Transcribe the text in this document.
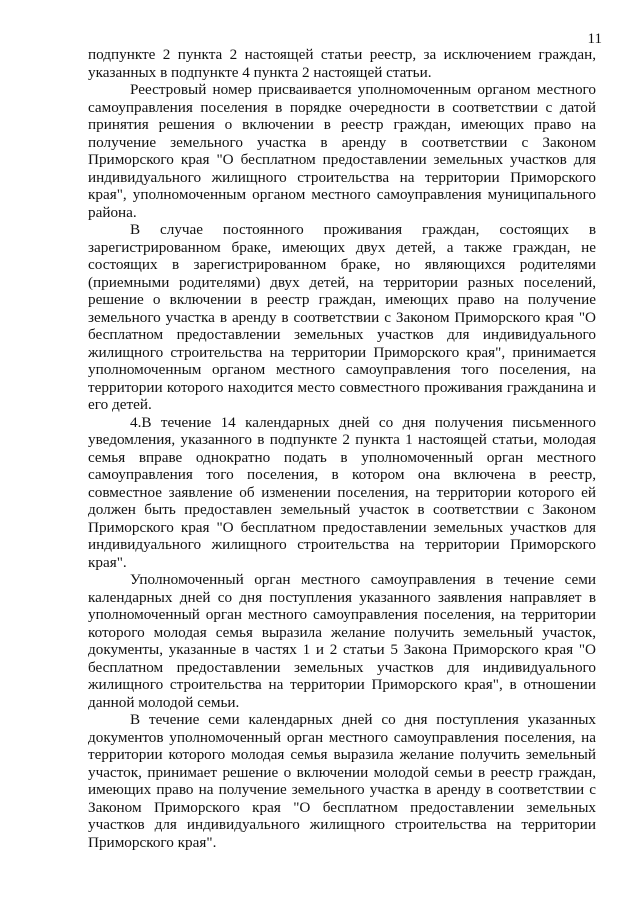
11

подпункте 2 пункта 2 настоящей статьи реестр, за исключением граждан, указанных в подпункте 4 пункта 2 настоящей статьи.

Реестровый номер присваивается уполномоченным органом местного самоуправления поселения в порядке очередности в соответствии с датой принятия решения о включении в реестр граждан, имеющих право на получение земельного участка в аренду в соответствии с Законом Приморского края "О бесплатном предоставлении земельных участков для индивидуального жилищного строительства на территории Приморского края", уполномоченным органом местного самоуправления муниципального района.

В случае постоянного проживания граждан, состоящих в зарегистрированном браке, имеющих двух детей, а также граждан, не состоящих в зарегистрированном браке, но являющихся родителями (приемными родителями) двух детей, на территории разных поселений, решение о включении в реестр граждан, имеющих право на получение земельного участка в аренду в соответствии с Законом Приморского края "О бесплатном предоставлении земельных участков для индивидуального жилищного строительства на территории Приморского края", принимается уполномоченным органом местного самоуправления того поселения, на территории которого находится место совместного проживания гражданина и его детей.

4.В течение 14 календарных дней со дня получения письменного уведомления, указанного в подпункте 2 пункта 1 настоящей статьи, молодая семья вправе однократно подать в уполномоченный орган местного самоуправления того поселения, в котором она включена в реестр, совместное заявление об изменении поселения, на территории которого ей должен быть предоставлен земельный участок в соответствии с Законом Приморского края "О бесплатном предоставлении земельных участков для индивидуального жилищного строительства на территории Приморского края".

Уполномоченный орган местного самоуправления в течение семи календарных дней со дня поступления указанного заявления направляет в уполномоченный орган местного самоуправления поселения, на территории которого молодая семья выразила желание получить земельный участок, документы, указанные в частях 1 и 2 статьи 5 Закона Приморского края "О бесплатном предоставлении земельных участков для индивидуального жилищного строительства на территории Приморского края", в отношении данной молодой семьи.

В течение семи календарных дней со дня поступления указанных документов уполномоченный орган местного самоуправления поселения, на территории которого молодая семья выразила желание получить земельный участок, принимает решение о включении молодой семьи в реестр граждан, имеющих право на получение земельного участка в аренду в соответствии с Законом Приморского края "О бесплатном предоставлении земельных участков для индивидуального жилищного строительства на территории Приморского края".
